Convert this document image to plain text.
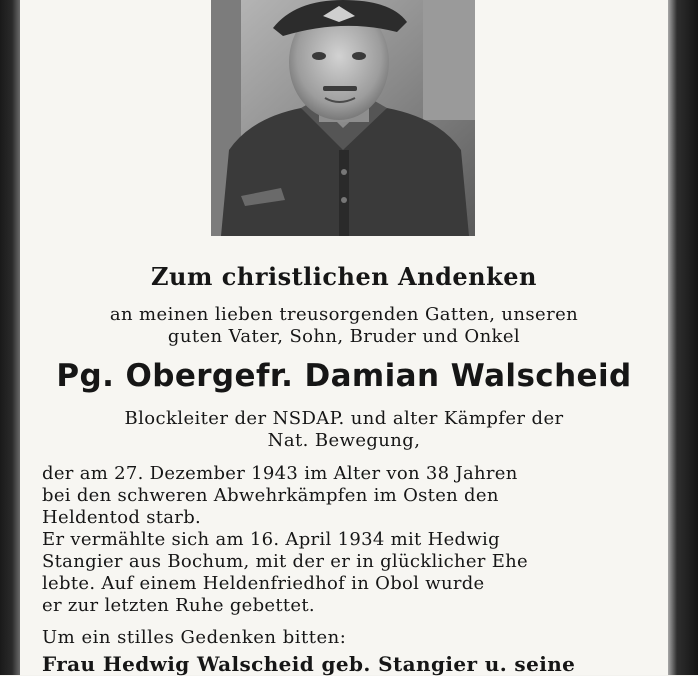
Zum christlichen Andenken
an meinen lieben treusorgenden Gatten, unseren
guten Vater, Sohn, Bruder und Onkel
Pg. Obergefr. Damian Walscheid
Blockleiter der NSDAP. und alter Kämpfer der
Nat. Bewegung,
der am 27. Dezember 1943 im Alter von 38 Jahren
bei den schweren Abwehrkämpfen im Osten den
Heldentod starb.
Er vermählte sich am 16. April 1934 mit Hedwig
Stangier aus Bochum, mit der er in glücklicher Ehe
lebte. Auf einem Heldenfriedhof in Obol wurde
er zur letzten Ruhe gebettet.
Um ein stilles Gedenken bitten:
Frau Hedwig Walscheid geb. Stangier u. seine
